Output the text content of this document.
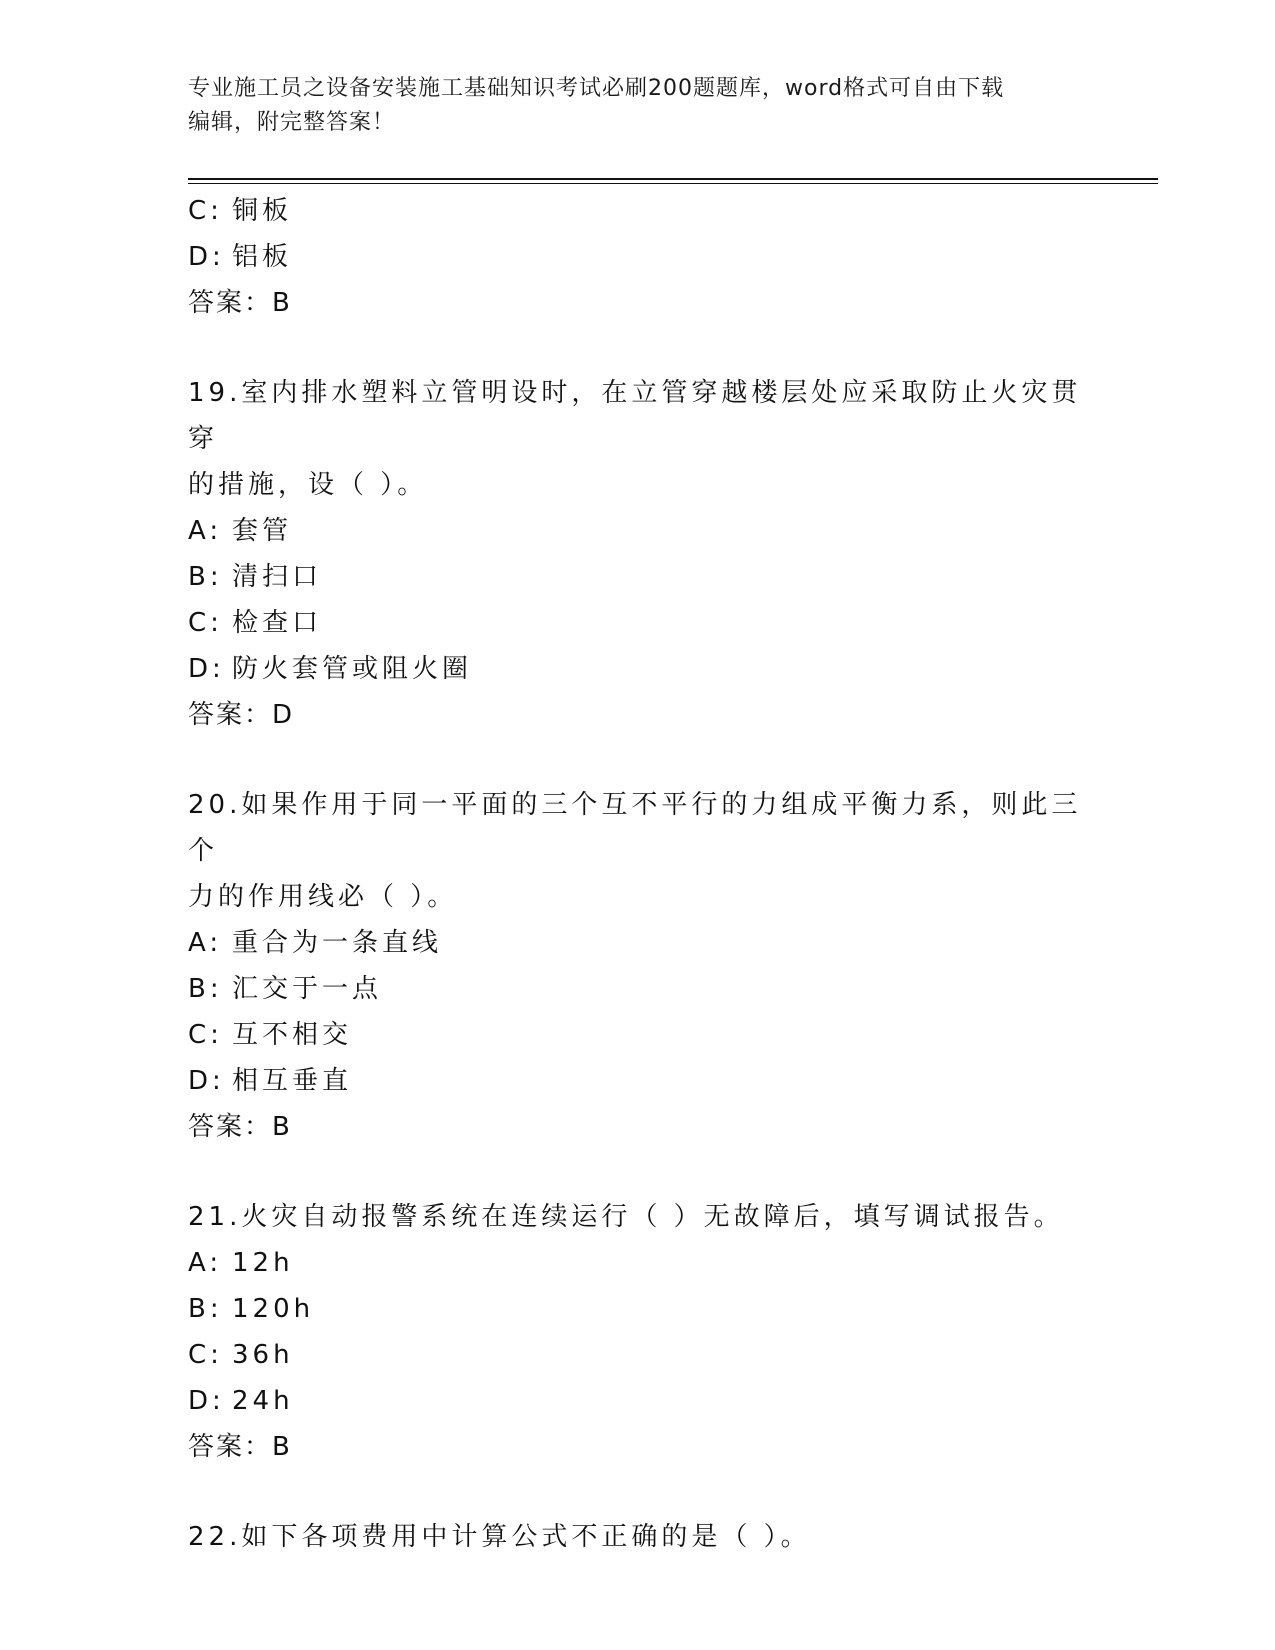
专业施工员之设备安装施工基础知识考试必刷200题题库，word格式可自由下载
编辑，附完整答案！
C: 铜板
D: 铝板
答案：B
19.室内排水塑料立管明设时，在立管穿越楼层处应采取防止火灾贯穿
的措施，设（ ）。
A: 套管
B: 清扫口
C: 检查口
D: 防火套管或阻火圈
答案：D
20.如果作用于同一平面的三个互不平行的力组成平衡力系，则此三个
力的作用线必（ ）。
A: 重合为一条直线
B: 汇交于一点
C: 互不相交
D: 相互垂直
答案：B
21.火灾自动报警系统在连续运行（ ）无故障后，填写调试报告。
A: 12h
B: 120h
C: 36h
D: 24h
答案：B
22.如下各项费用中计算公式不正确的是（ ）。
